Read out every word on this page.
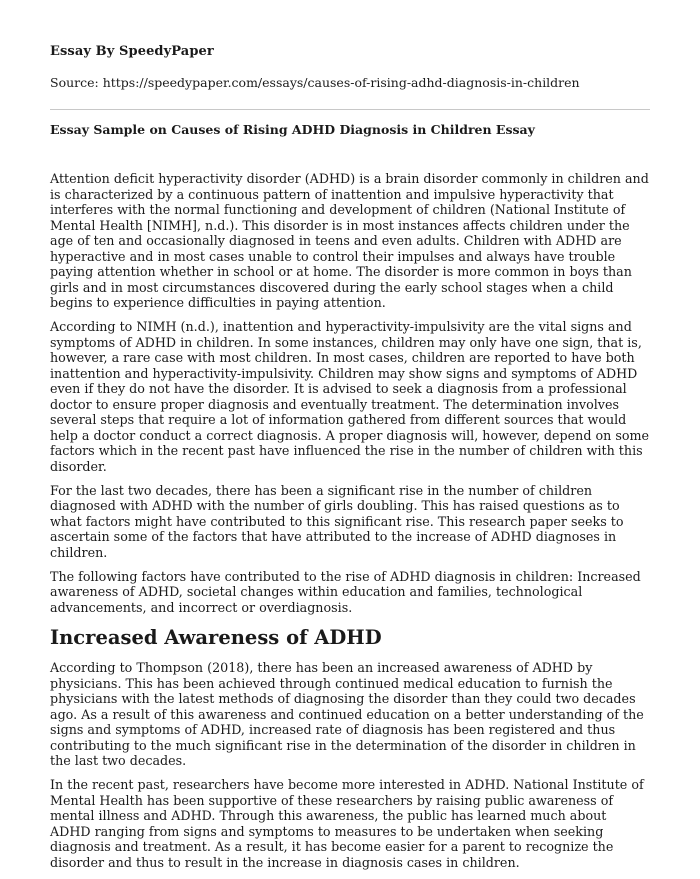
Essay By SpeedyPaper
Source: https://speedypaper.com/essays/causes-of-rising-adhd-diagnosis-in-children
Essay Sample on Causes of Rising ADHD Diagnosis in Children Essay

Attention deficit hyperactivity disorder (ADHD) is a brain disorder commonly in children and is characterized by a continuous pattern of inattention and impulsive hyperactivity that interferes with the normal functioning and development of children (National Institute of Mental Health [NIMH], n.d.). This disorder is in most instances affects children under the age of ten and occasionally diagnosed in teens and even adults. Children with ADHD are hyperactive and in most cases unable to control their impulses and always have trouble paying attention whether in school or at home. The disorder is more common in boys than girls and in most circumstances discovered during the early school stages when a child begins to experience difficulties in paying attention.

According to NIMH (n.d.), inattention and hyperactivity-impulsivity are the vital signs and symptoms of ADHD in children. In some instances, children may only have one sign, that is, however, a rare case with most children. In most cases, children are reported to have both inattention and hyperactivity-impulsivity. Children may show signs and symptoms of ADHD even if they do not have the disorder. It is advised to seek a diagnosis from a professional doctor to ensure proper diagnosis and eventually treatment. The determination involves several steps that require a lot of information gathered from different sources that would help a doctor conduct a correct diagnosis. A proper diagnosis will, however, depend on some factors which in the recent past have influenced the rise in the number of children with this disorder.

For the last two decades, there has been a significant rise in the number of children diagnosed with ADHD with the number of girls doubling. This has raised questions as to what factors might have contributed to this significant rise. This research paper seeks to ascertain some of the factors that have attributed to the increase of ADHD diagnoses in children.

The following factors have contributed to the rise of ADHD diagnosis in children: Increased awareness of ADHD, societal changes within education and families, technological advancements, and incorrect or overdiagnosis.

Increased Awareness of ADHD

According to Thompson (2018), there has been an increased awareness of ADHD by physicians. This has been achieved through continued medical education to furnish the physicians with the latest methods of diagnosing the disorder than they could two decades ago. As a result of this awareness and continued education on a better understanding of the signs and symptoms of ADHD, increased rate of diagnosis has been registered and thus contributing to the much significant rise in the determination of the disorder in children in the last two decades.

In the recent past, researchers have become more interested in ADHD. National Institute of Mental Health has been supportive of these researchers by raising public awareness of mental illness and ADHD. Through this awareness, the public has learned much about ADHD ranging from signs and symptoms to measures to be undertaken when seeking diagnosis and treatment. As a result, it has become easier for a parent to recognize the disorder and thus to result in the increase in diagnosis cases in children.
